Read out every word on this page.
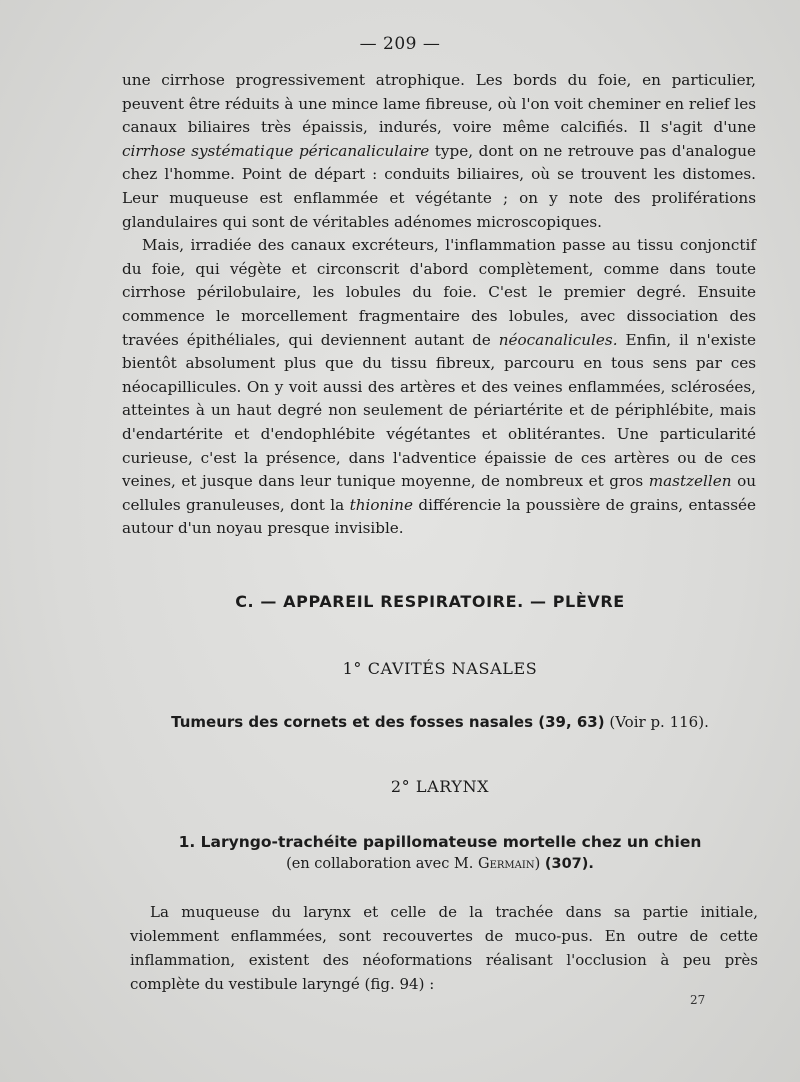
— 209 —

une cirrhose progressivement atrophique. Les bords du foie, en particulier, peuvent être réduits à une mince lame fibreuse, où l'on voit cheminer en relief les canaux biliaires très épaissis, indurés, voire même calcifiés. Il s'agit d'une cirrhose systématique péricanaliculaire type, dont on ne retrouve pas d'analogue chez l'homme. Point de départ : conduits biliaires, où se trouvent les distomes. Leur muqueuse est enflammée et végétante ; on y note des proliférations glandulaires qui sont de véritables adénomes microscopiques.

Mais, irradiée des canaux excréteurs, l'inflammation passe au tissu conjonctif du foie, qui végète et circonscrit d'abord complètement, comme dans toute cirrhose périlobulaire, les lobules du foie. C'est le premier degré. Ensuite commence le morcellement fragmentaire des lobules, avec dissociation des travées épithéliales, qui deviennent autant de néocanalicules. Enfin, il n'existe bientôt absolument plus que du tissu fibreux, parcouru en tous sens par ces néocapillicules. On y voit aussi des artères et des veines enflammées, sclérosées, atteintes à un haut degré non seulement de périartérite et de périphlébite, mais d'endartérite et d'endophlébite végétantes et oblitérantes. Une particularité curieuse, c'est la présence, dans l'adventice épaissie de ces artères ou de ces veines, et jusque dans leur tunique moyenne, de nombreux et gros mastzellen ou cellules granuleuses, dont la thionine différencie la poussière de grains, entassée autour d'un noyau presque invisible.

C. — APPAREIL RESPIRATOIRE. — PLÈVRE
1° CAVITÉS NASALES
Tumeurs des cornets et des fosses nasales (39, 63) (Voir p. 116).
2° LARYNX
1. Laryngo-trachéite papillomateuse mortelle chez un chien
(en collaboration avec M. Germain) (307).

La muqueuse du larynx et celle de la trachée dans sa partie initiale, violemment enflammées, sont recouvertes de muco-pus. En outre de cette inflammation, existent des néoformations réalisant l'occlusion à peu près complète du vestibule laryngé (fig. 94) :

27
